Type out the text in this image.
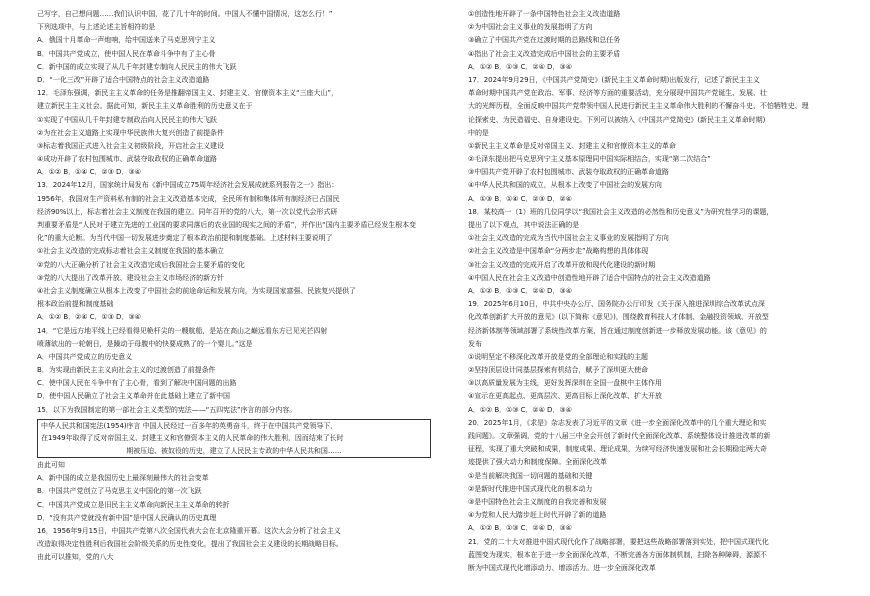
己写字，自己想问题……我们认识中国，花了几十年的时间。中国人不懂中国情况，这怎么行！”
下列选项中，与上述论述主旨相符的是
A．俄国十月革命一声炮响，给中国送来了马克思列宁主义
B．中国共产党成立，使中国人民在革命斗争中有了主心骨
C．新中国的成立实现了从几千年封建专制向人民民主的伟大飞跃
D．“一化三改”开辟了适合中国特点的社会主义改造道路
12．毛泽东强调，新民主主义革命的任务是推翻帝国主义、封建主义、官僚资本主义“三座大山”，
建立新民主主义社会。据此可知，新民主主义革命胜利的历史意义在于
①实现了中国从几千年封建专制政治向人民民主的伟大飞跃
②为在社会主义道路上实现中华民族伟大复兴创造了前提条件
③标志着我国正式进入社会主义初级阶段，开启社会主义建设
④成功开辟了农村包围城市、武装夺取政权的正确革命道路
A．①② B．①④ C．②③ D．③④
13．2024年12月，国家统计局发布《新中国成立75周年经济社会发展成就系列报告之一》指出：
1956年，我国对生产资料私有制的社会主义改造基本完成，全民所有制和集体所有制经济已占国民
经济90%以上，标志着社会主义制度在我国的建立。同年召开的党的八大，第一次以党代会形式研
判重要矛盾是“人民对于建立先进的工业国的要求同落后的农业国的现实之间的矛盾”，并作出“国内主要矛盾已经发生根本变
化”的重大论断。为当代中国一切发展进步奠定了根本政治前提和制度基础。上述材料主要说明了
①社会主义改造的完成标志着社会主义制度在我国的基本确立
②党的八大正确分析了社会主义改造完成后我国社会主要矛盾的变化
③党的八大提出了改革开放、建设社会主义市场经济的新方针
④社会主义制度确立从根本上改变了中国社会的前途命运和发展方向，为实现国家富强、民族复兴提供了
根本政治前提和制度基础
A．①② B．②④ C．①③ D．③④
14．“它是远方地平线上已经看得见桅杆尖的一艘航船，是站在高山之巅远看东方已见光芒四射
喷薄欲出的一轮朝日，是躁动于母腹中的快要成熟了的一个婴儿。”这是
A．中国共产党成立的历史意义
B．为实现由新民主主义向社会主义的过渡创造了前提条件
C．使中国人民在斗争中有了主心骨，看到了解决中国问题的出路
D．使中国人民确立了社会主义革命并在此基础上建立了新中国
15．以下为我国制定的第一部社会主义类型的宪法——“五四宪法”序言的部分内容。
中华人民共和国宪法(1954)序言 中国人民经过一百多年的英勇奋斗，终于在中国共产党领导下，
在1949年取得了反对帝国主义、封建主义和官僚资本主义的人民革命的伟大胜利，因而结束了长时
期被压迫、被奴役的历史，建立了人民民主专政的中华人民共和国……
由此可知
A．新中国的成立是我国历史上最深刻最伟大的社会变革
B．中国共产党创立了马克思主义中国化的第一次飞跃
C．中国共产党成立是旧民主主义革命向新民主主义革命的转折
D．“没有共产党就没有新中国”是中国人民确认的历史真理
16．1956年9月15日，中国共产党第八次全国代表大会在北京隆重开幕。这次大会分析了社会主义
改造取得决定性胜利后我国社会阶级关系的历史性变化，提出了我国社会主义建设的长期战略目标。
由此可以推知，党的八大
①创造性地开辟了一条中国特色社会主义改造道路
②为中国社会主义事业的发展指明了方向
③确立了中国共产党在过渡时期的总路线和总任务
④指出了社会主义改造完成后中国社会的主要矛盾
A．①② B．①③ C．②④ D．③④
17．2024年9月29日，《中国共产党简史》(新民主主义革命时期)出版发行，记述了新民主主义
革命时期中国共产党在政治、军事、经济等方面的重要活动，充分展现中国共产党诞生、发展、壮
大的光辉历程，全面反映中国共产党带领中国人民进行新民主主义革命伟大胜利的不懈奋斗史、不怕牺牲史、理
论探索史、为民造福史、自身建设史。下列可以被纳入《中国共产党简史》(新民主主义革命时期)
中的是
①新民主主义革命是反对帝国主义、封建主义和官僚资本主义的革命
②毛泽东提出把马克思列宁主义基本原理同中国实际相结合，实现“第二次结合”
③中国共产党开辟了农村包围城市、武装夺取政权的正确革命道路
④中华人民共和国的成立，从根本上改变了中国社会的发展方向
A．①③ B．①④ C．②③ D．②④
18．某校高一（1）班的几位同学以“我国社会主义改造的必然性和历史意义”为研究性学习的课题，
提出了以下观点，其中说法正确的是
①社会主义改造的完成为当代中国社会主义事业的发展指明了方向
②社会主义改造是中国革命“分两步走”战略构想的具体体现
③社会主义改造的完成开启了改革开放和现代化建设的新时期
④中国人民在社会主义改造中创造性地开辟了适合中国特点的社会主义改造道路
A．①② B．①③ C．②④ D．③④
19．2025年6月10日，中共中央办公厅、国务院办公厅印发《关于深入推进深圳综合改革试点深
化改革创新扩大开放的意见》(以下简称《意见》)，围绕教育科技人才体制、金融投资领域、开放型
经济新体制等领域部署了系统性改革方案，旨在通过制度创新进一步释放发展动能。该《意见》的
发布
①说明坚定不移深化改革开放是党的全部理论和实践的主题
②坚持顶层设计同基层探索有机结合，赋予了深圳更大使命
③以高质量发展为主线，更好发挥深圳在全国一盘棋中主体作用
④宣示在更高起点、更高层次、更高目标上深化改革、扩大开放
A．①② B．①③ C．②④ D．③④
20．2025年1月，《求是》杂志发表了习近平的文章《进一步全面深化改革中的几个重大理论和实
践问题》。文章强调，党的十八届三中全会开创了新时代全面深化改革、系统整体设计推进改革的新
征程，实现了重大突破和成果，制度成果、理论成果，为续写经济快速发展和社会长期稳定两大奇
迹提供了强大动力和制度保障。全面深化改革
①是当前解决我国一切问题的基础和关键
②是新时代推进中国式现代化的根本动力
③是中国特色社会主义制度的自我完善和发展
④为党和人民大踏步赶上时代开辟了新的道路
A．①② B．①③ C．②④ D．③④
21．党的二十大对推进中国式现代化作了战略部署，要把这些战略部署落到实处，把中国式现代化
蓝图变为现实，根本在于进一步全面深化改革，不断完善各方面体制机制，扫除各种障碍，源源不
断为中国式现代化增添动力、增添活力。进一步全面深化改革
